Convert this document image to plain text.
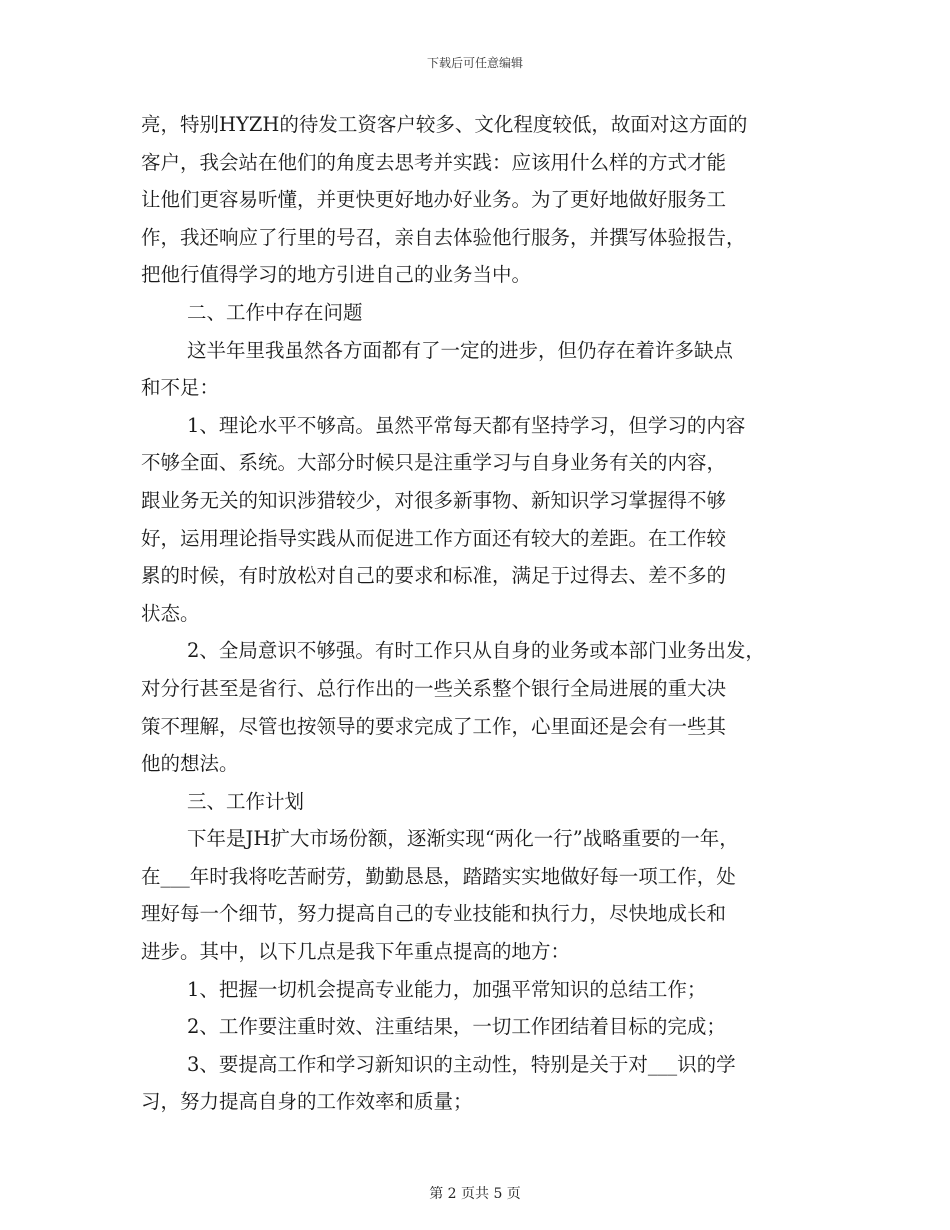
下载后可任意编辑
亮，特别HYZH的待发工资客户较多、文化程度较低，故面对这方面的
客户，我会站在他们的角度去思考并实践：应该用什么样的方式才能
让他们更容易听懂，并更快更好地办好业务。为了更好地做好服务工
作，我还响应了行里的号召，亲自去体验他行服务，并撰写体验报告，
把他行值得学习的地方引进自己的业务当中。
二、工作中存在问题
这半年里我虽然各方面都有了一定的进步，但仍存在着许多缺点
和不足：
1、理论水平不够高。虽然平常每天都有坚持学习，但学习的内容
不够全面、系统。大部分时候只是注重学习与自身业务有关的内容，
跟业务无关的知识涉猎较少，对很多新事物、新知识学习掌握得不够
好，运用理论指导实践从而促进工作方面还有较大的差距。在工作较
累的时候，有时放松对自己的要求和标准，满足于过得去、差不多的
状态。
2、全局意识不够强。有时工作只从自身的业务或本部门业务出发，
对分行甚至是省行、总行作出的一些关系整个银行全局进展的重大决
策不理解，尽管也按领导的要求完成了工作，心里面还是会有一些其
他的想法。
三、工作计划
下年是JH扩大市场份额，逐渐实现“两化一行”战略重要的一年，
在___年时我将吃苦耐劳，勤勤恳恳，踏踏实实地做好每一项工作，处
理好每一个细节，努力提高自己的专业技能和执行力，尽快地成长和
进步。其中，以下几点是我下年重点提高的地方：
1、把握一切机会提高专业能力，加强平常知识的总结工作；
2、工作要注重时效、注重结果，一切工作团结着目标的完成；
3、要提高工作和学习新知识的主动性，特别是关于对___识的学
习，努力提高自身的工作效率和质量；
第 2 页共 5 页
